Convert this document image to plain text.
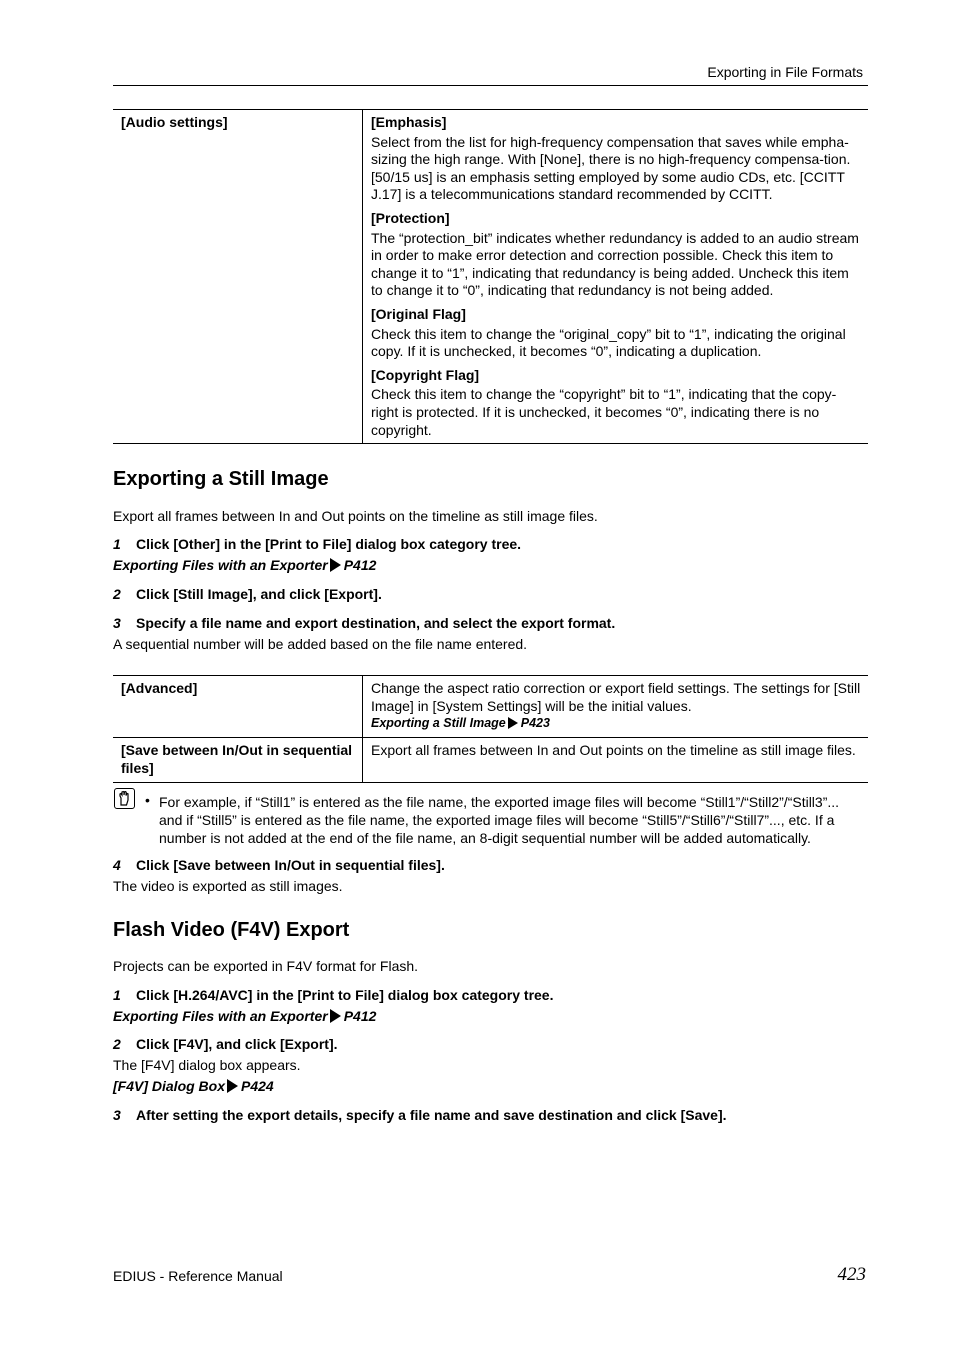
Exporting in File Formats
[Audio settings]	[Emphasis]
Select from the list for high-frequency compensation that saves while empha-sizing the high range. With [None], there is no high-frequency compensa-tion.[50/15 us] is an emphasis setting employed by some audio CDs, etc. [CCITT J.17] is a telecommunications standard recommended by CCITT.
[Protection]
The “protection_bit” indicates whether redundancy is added to an audio stream in order to make error detection and correction possible. Check this item to change it to “1”, indicating that redundancy is being added. Uncheck this item to change it to “0”, indicating that redundancy is not being added.
[Original Flag]
Check this item to change the “original_copy” bit to “1”, indicating the original copy. If it is unchecked, it becomes “0”, indicating a duplication.
[Copyright Flag]
Check this item to change the “copyright” bit to “1”, indicating that the copy-right is protected. If it is unchecked, it becomes “0”, indicating there is no copyright.
Exporting a Still Image
Export all frames between In and Out points on the timeline as still image files.
1 Click [Other] in the [Print to File] dialog box category tree.
Exporting Files with an Exporter P412
2 Click [Still Image], and click [Export].
3 Specify a file name and export destination, and select the export format.
A sequential number will be added based on the file name entered.
[Advanced]	Change the aspect ratio correction or export field settings. The settings for [Still Image] in [System Settings] will be the initial values.
Exporting a Still Image P423

[Save between In/Out in sequential files]	Export all frames between In and Out points on the timeline as still image files.
• For example, if “Still1” is entered as the file name, the exported image files will become “Still1”/“Still2”/“Still3”... and if “Still5” is entered as the file name, the exported image files will become “Still5”/“Still6”/“Still7”..., etc. If a number is not added at the end of the file name, an 8-digit sequential number will be added automatically.
4 Click [Save between In/Out in sequential files].
The video is exported as still images.
Flash Video (F4V) Export
Projects can be exported in F4V format for Flash.
1 Click [H.264/AVC] in the [Print to File] dialog box category tree.
Exporting Files with an Exporter P412
2 Click [F4V], and click [Export].
The [F4V] dialog box appears.
[F4V] Dialog Box P424
3 After setting the export details, specify a file name and save destination and click [Save].
EDIUS - Reference Manual	423
